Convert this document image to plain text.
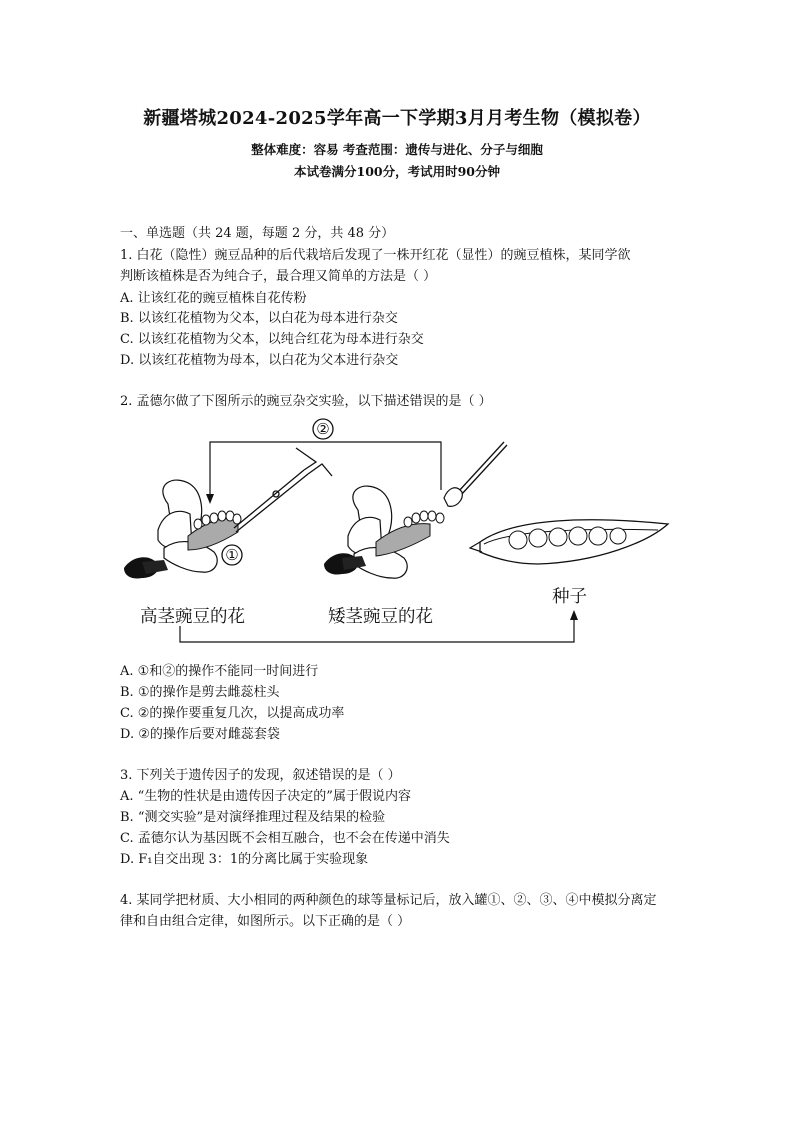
新疆塔城2024-2025学年高一下学期3月月考生物（模拟卷）
整体难度：容易 考查范围：遗传与进化、分子与细胞
本试卷满分100分，考试用时90分钟
一、单选题（共 24 题，每题 2 分，共 48 分）
1. 白花（隐性）豌豆品种的后代栽培后发现了一株开红花（显性）的豌豆植株，某同学欲
判断该植株是否为纯合子，最合理又简单的方法是（ ）
A. 让该红花的豌豆植株自花传粉
B. 以该红花植物为父本，以白花为母本进行杂交
C. 以该红花植物为父本，以纯合红花为母本进行杂交
D. 以该红花植物为母本，以白花为父本进行杂交
2. 孟德尔做了下图所示的豌豆杂交实验，以下描述错误的是（ ）
②
①
高茎豌豆的花	矮茎豌豆的花
种子
A. ①和②的操作不能同一时间进行
B. ①的操作是剪去雌蕊柱头
C. ②的操作要重复几次，以提高成功率
D. ②的操作后要对雌蕊套袋
3. 下列关于遗传因子的发现，叙述错误的是（ ）
A. “生物的性状是由遗传因子决定的”属于假说内容
B. “测交实验”是对演绎推理过程及结果的检验
C. 孟德尔认为基因既不会相互融合，也不会在传递中消失
D. F₁自交出现 3：1的分离比属于实验现象
4. 某同学把材质、大小相同的两种颜色的球等量标记后，放入罐①、②、③、④中模拟分离定
律和自由组合定律，如图所示。以下正确的是（ ）
